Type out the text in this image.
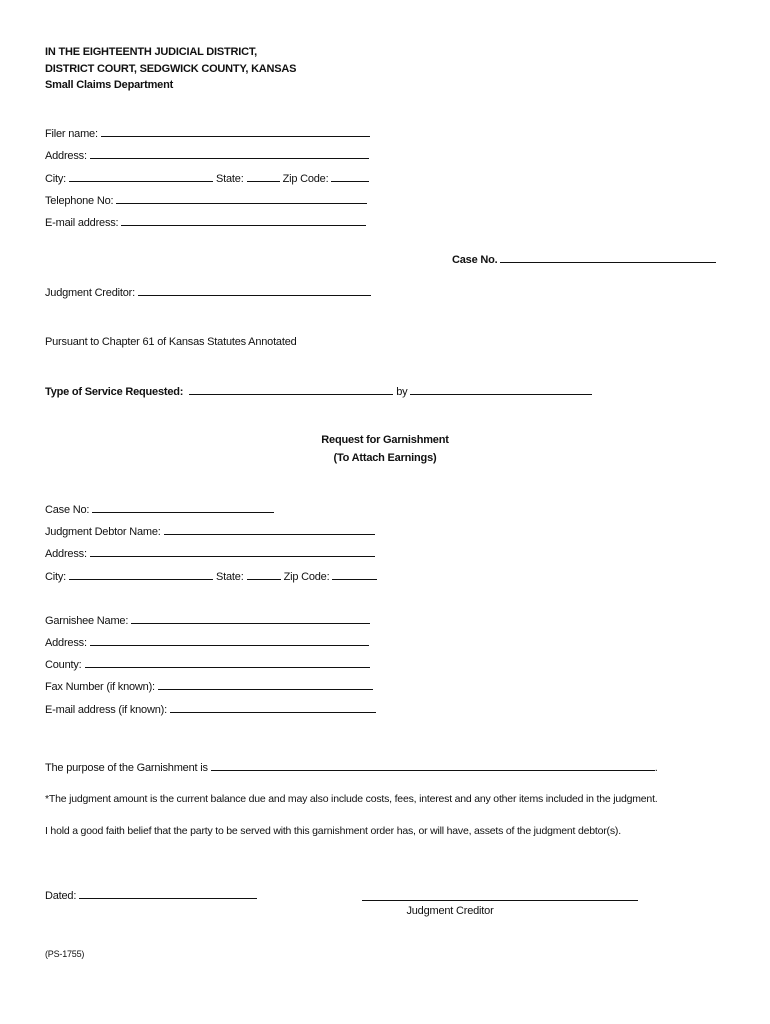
IN THE EIGHTEENTH JUDICIAL DISTRICT,
DISTRICT COURT, SEDGWICK COUNTY, KANSAS
Small Claims Department
Filer name:
Address:
City:	State:	Zip Code:
Telephone No:
E-mail address:
Case No.
Judgment Creditor:
Pursuant to Chapter 61 of Kansas Statutes Annotated
Type of Service Requested:	by
Request for Garnishment
(To Attach Earnings)
Case No:
Judgment Debtor Name:
Address:
City:	State:	Zip Code:
Garnishee Name:
Address:
County:
Fax Number (if known):
E-mail address (if known):
The purpose of the Garnishment is	.
*The judgment amount is the current balance due and may also include costs, fees, interest and any other items included in the judgment.
I hold a good faith belief that the party to be served with this garnishment order has, or will have, assets of the judgment debtor(s).
Dated:
Judgment Creditor
(PS-1755)
